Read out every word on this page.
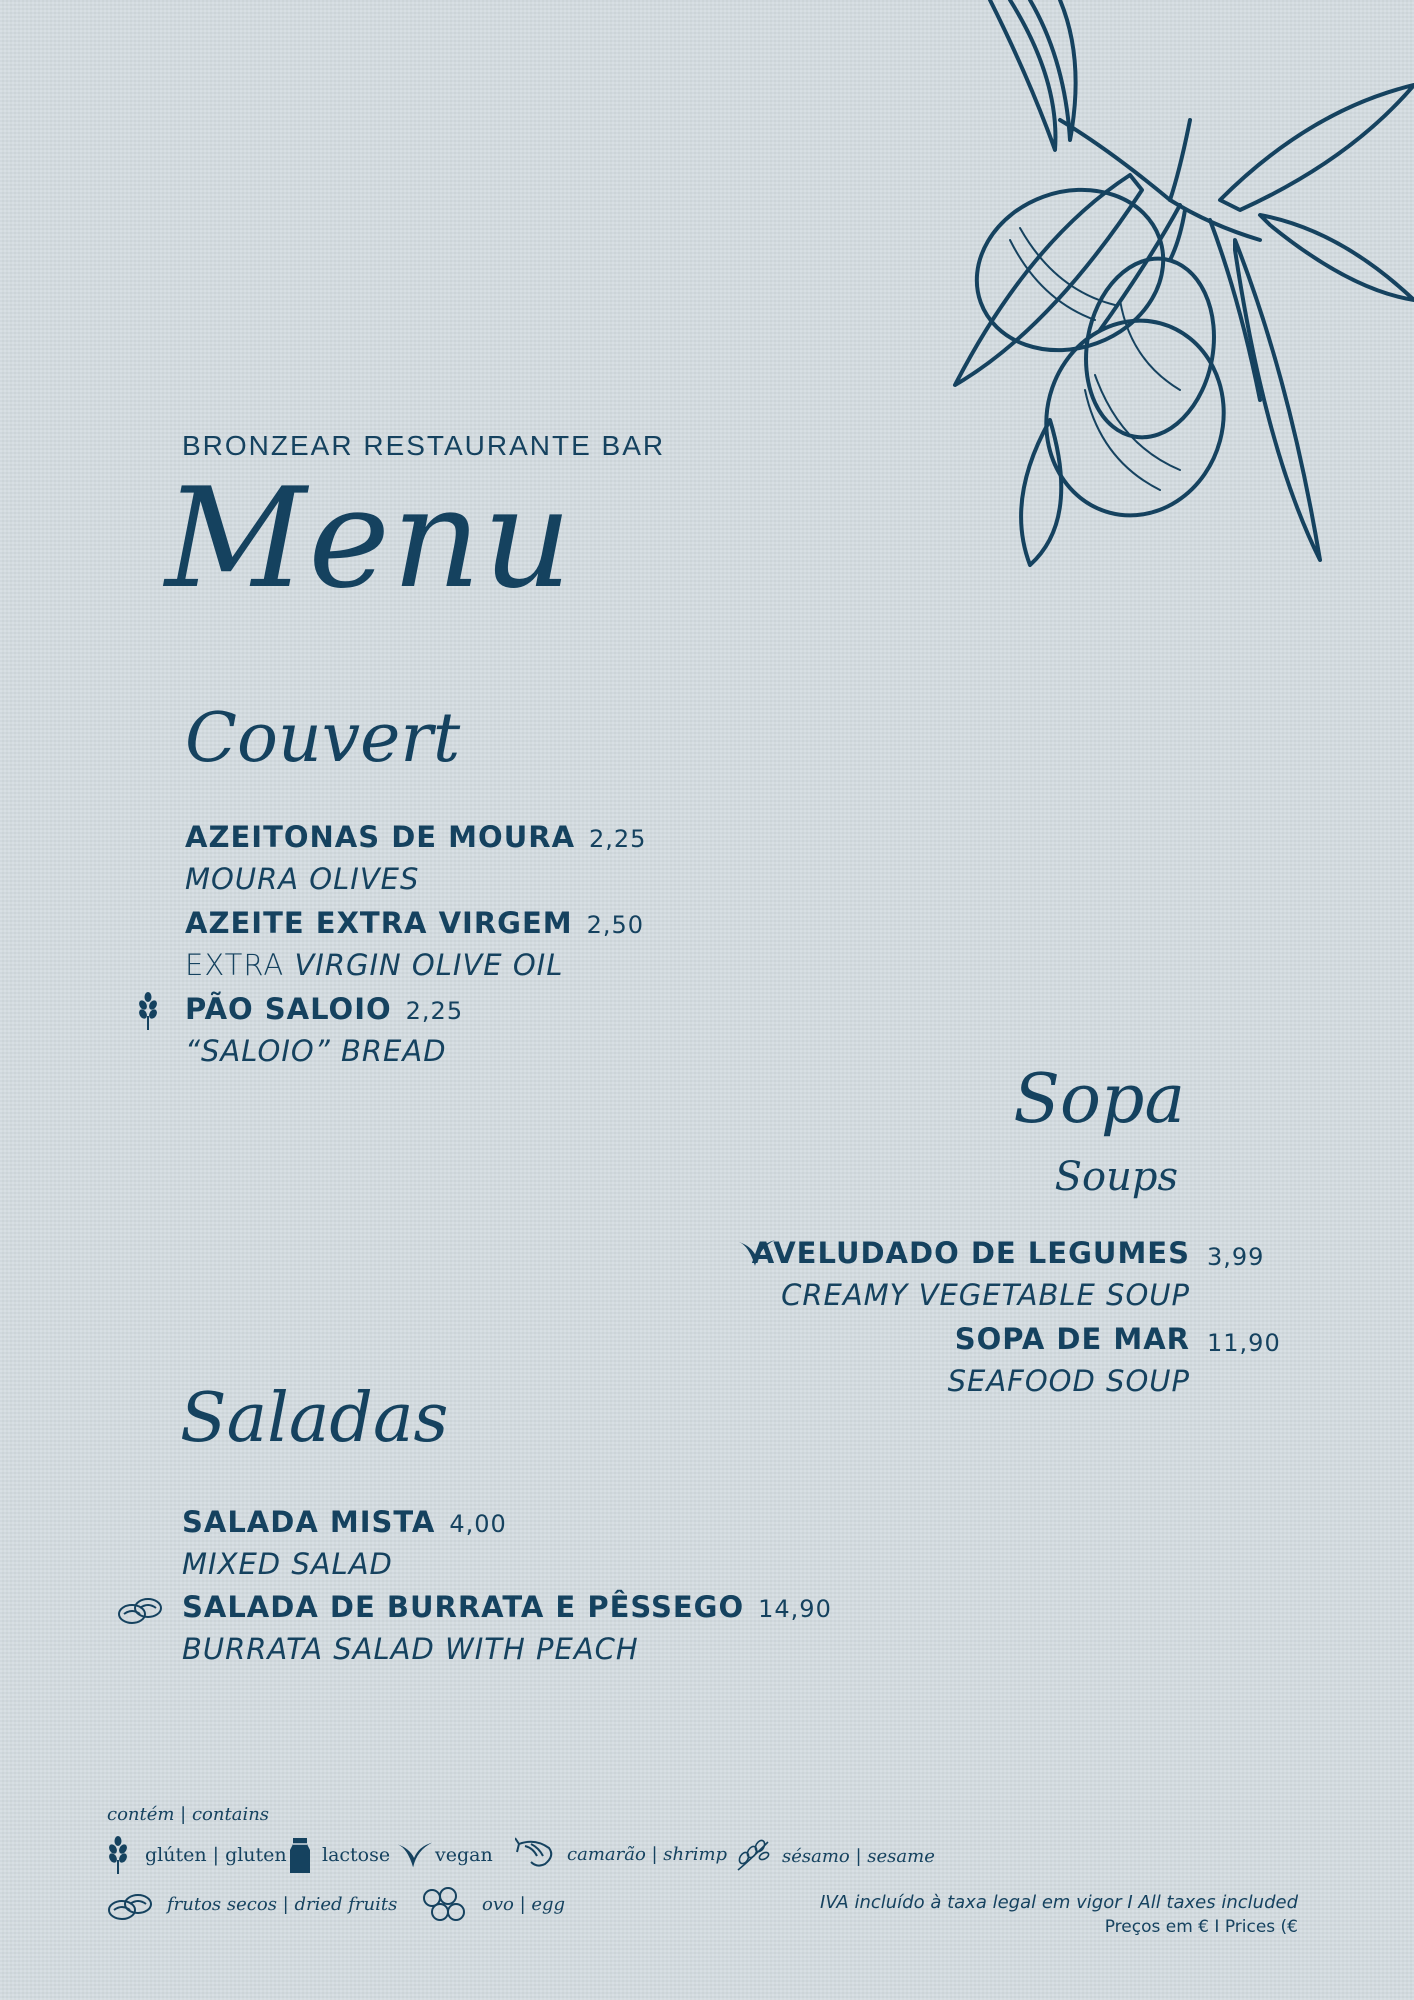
BRONZEAR RESTAURANTE BAR
Menu
Couvert
AZEITONAS DE MOURA 2,25
MOURA OLIVES
AZEITE EXTRA VIRGEM 2,50
EXTRA VIRGIN OLIVE OIL
PÃO SALOIO 2,25
“SALOIO” BREAD
Sopa
Soups
AVELUDADO DE LEGUMES 3,99
CREAMY VEGETABLE SOUP
SOPA DE MAR 11,90
SEAFOOD SOUP
Saladas
SALADA MISTA 4,00
MIXED SALAD
SALADA DE BURRATA E PÊSSEGO 14,90
BURRATA SALAD WITH PEACH
contém | contains
glúten | gluten lactose vegan	camarão | shrimp	sésamo | sesame
frutos secos | dried fruits	ovo | egg	IVA incluído à taxa legal em vigor I All taxes included
Preços em € I Prices (€
